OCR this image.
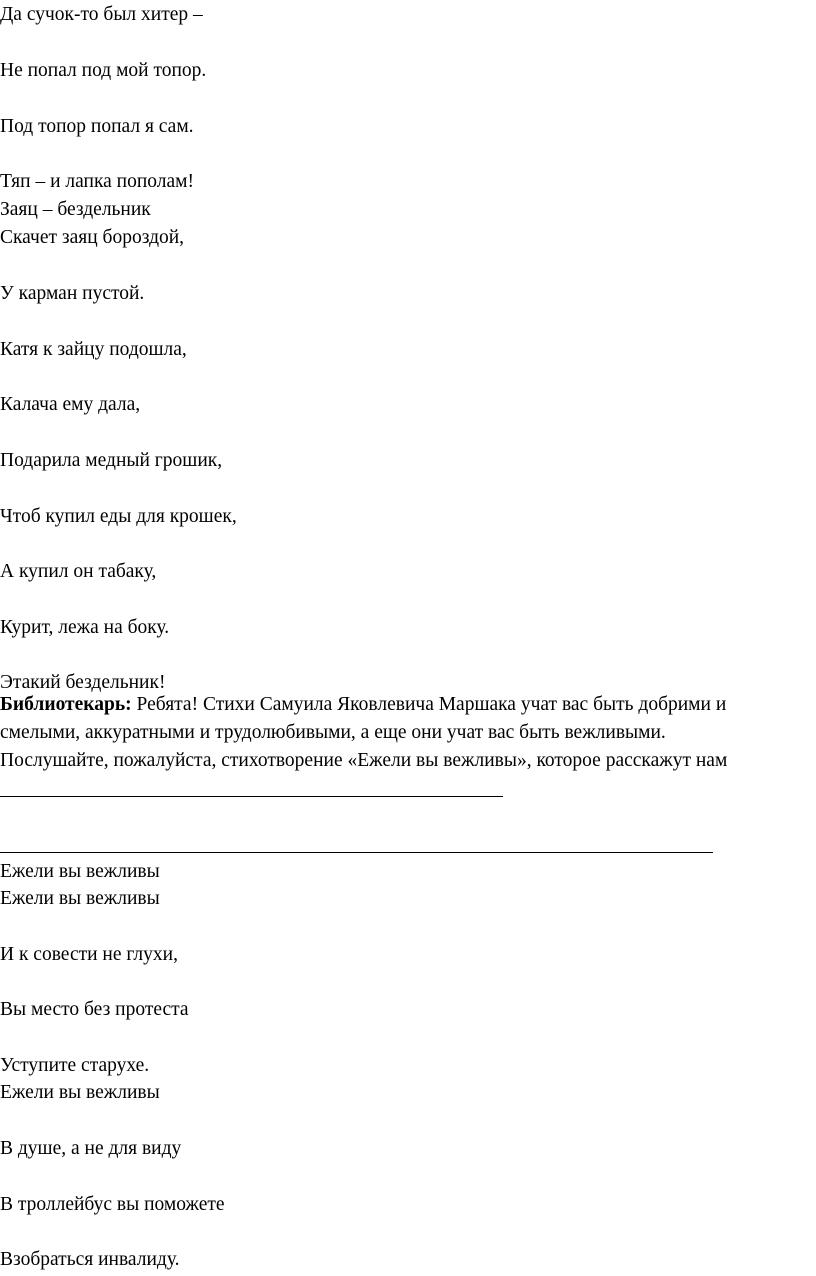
Да сучок-то был хитер –
Не попал под мой топор.
Под топор попал я сам.
Тяп – и лапка пополам!
Заяц – бездельник
Скачет заяц бороздой,
У карман пустой.
Катя к зайцу подошла,
Калача ему дала,
Подарила медный грошик,
Чтоб купил еды для крошек,
А купил он табаку,
Курит, лежа на боку.
Этакий бездельник!
Библиотекарь: Ребята! Стихи Самуила Яковлевича Маршака учат вас быть добрими и
смелыми, аккуратными и трудолюбивыми, а еще они учат вас быть вежливыми.
Послушайте, пожалуйста, стихотворение «Ежели вы вежливы», которое расскажут нам
Ежели вы вежливы
Ежели вы вежливы
И к совести не глухи,
Вы место без протеста
Уступите старухе.
Ежели вы вежливы
В душе, а не для виду
В троллейбус вы поможете
Взобраться инвалиду.
